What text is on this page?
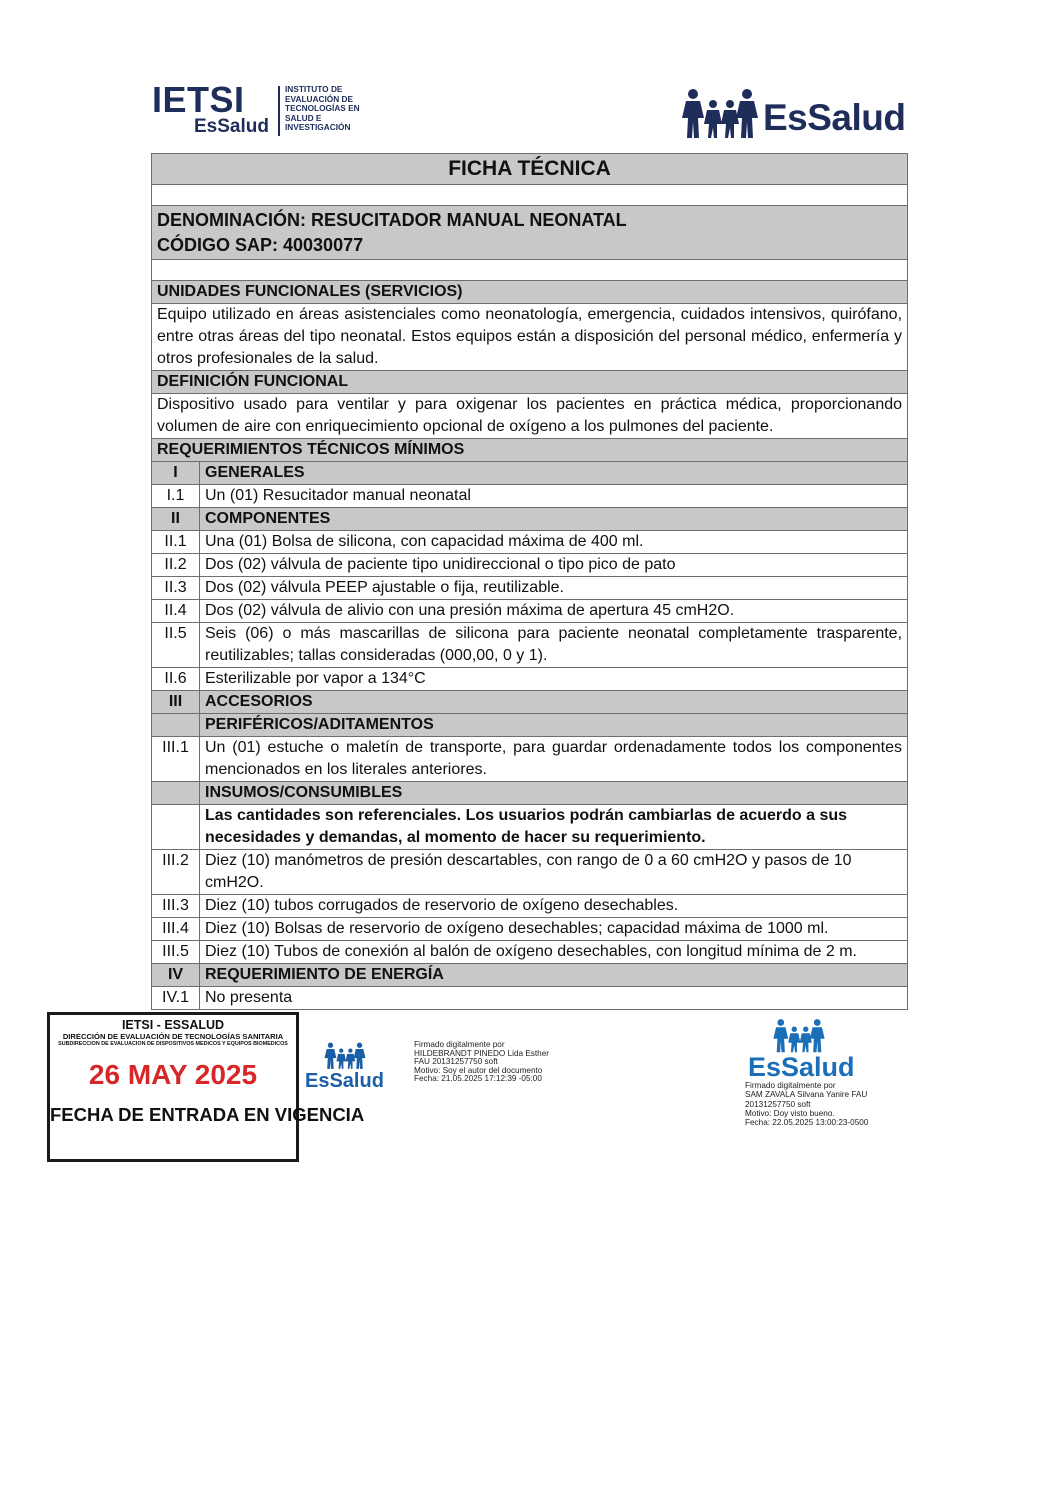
IETSI
EsSalud
INSTITUTO DE
EVALUACIÓN DE
TECNOLOGÍAS EN
SALUD E
INVESTIGACIÓN	EsSalud
FICHA TÉCNICA	

DENOMINACIÓN: RESUCITADOR MANUAL NEONATAL
CÓDIGO SAP: 40030077	

UNIDADES FUNCIONALES (SERVICIOS)	
Equipo utilizado en áreas asistenciales como neonatología, emergencia, cuidados intensivos, quirófano, entre otras áreas del tipo neonatal. Estos equipos están a disposición del personal médico, enfermería y otros profesionales de la salud.	
DEFINICIÓN FUNCIONAL	
Dispositivo usado para ventilar y para oxigenar los pacientes en práctica médica, proporcionando volumen de aire con enriquecimiento opcional de oxígeno a los pulmones del paciente.	
REQUERIMIENTOS TÉCNICOS MÍNIMOS	
I	GENERALES
I.1	Un (01) Resucitador manual neonatal
II	COMPONENTES
II.1	Una (01) Bolsa de silicona, con capacidad máxima de 400 ml.
II.2	Dos (02) válvula de paciente tipo unidireccional o tipo pico de pato
II.3	Dos (02) válvula PEEP ajustable o fija, reutilizable.
II.4	Dos (02) válvula de alivio con una presión máxima de apertura 45 cmH2O.
II.5	Seis (06) o más mascarillas de silicona para paciente neonatal completamente trasparente, reutilizables; tallas consideradas (000,00, 0 y 1).
II.6	Esterilizable por vapor a 134°C
III	ACCESORIOS
	PERIFÉRICOS/ADITAMENTOS
III.1	Un (01) estuche o maletín de transporte, para guardar ordenadamente todos los componentes mencionados en los literales anteriores.
	INSUMOS/CONSUMIBLES
	Las cantidades son referenciales. Los usuarios podrán cambiarlas de acuerdo a sus necesidades y demandas, al momento de hacer su requerimiento.
III.2	Diez (10) manómetros de presión descartables, con rango de 0 a 60 cmH2O y pasos de 10 cmH2O.
III.3	Diez (10) tubos corrugados de reservorio de oxígeno desechables.
III.4	Diez (10) Bolsas de reservorio de oxígeno desechables; capacidad máxima de 1000 ml.
III.5	Diez (10) Tubos de conexión al balón de oxígeno desechables, con longitud mínima de 2 m.
IV	REQUERIMIENTO DE ENERGÍA
IV.1	No presenta
IETSI - ESSALUD
DIRECCIÓN DE EVALUACIÓN DE TECNOLOGÍAS SANITARIA
SUBDIRECCIÓN DE EVALUACIÓN DE DISPOSITIVOS MÉDICOS Y EQUIPOS BIOMÉDICOS
26 MAY 2025
FECHA DE ENTRADA EN VIGENCIA
EsSalud
Firmado digitalmente por
HILDEBRANDT PINEDO Lida Esther
FAU 20131257750 soft
Motivo: Soy el autor del documento
Fecha: 21.05.2025 17:12:39 -05:00	EsSalud
Firmado digitalmente por
SAM ZAVALA Silvana Yanire FAU
20131257750 soft
Motivo: Doy visto bueno.
Fecha: 22.05.2025 13:00:23-0500
